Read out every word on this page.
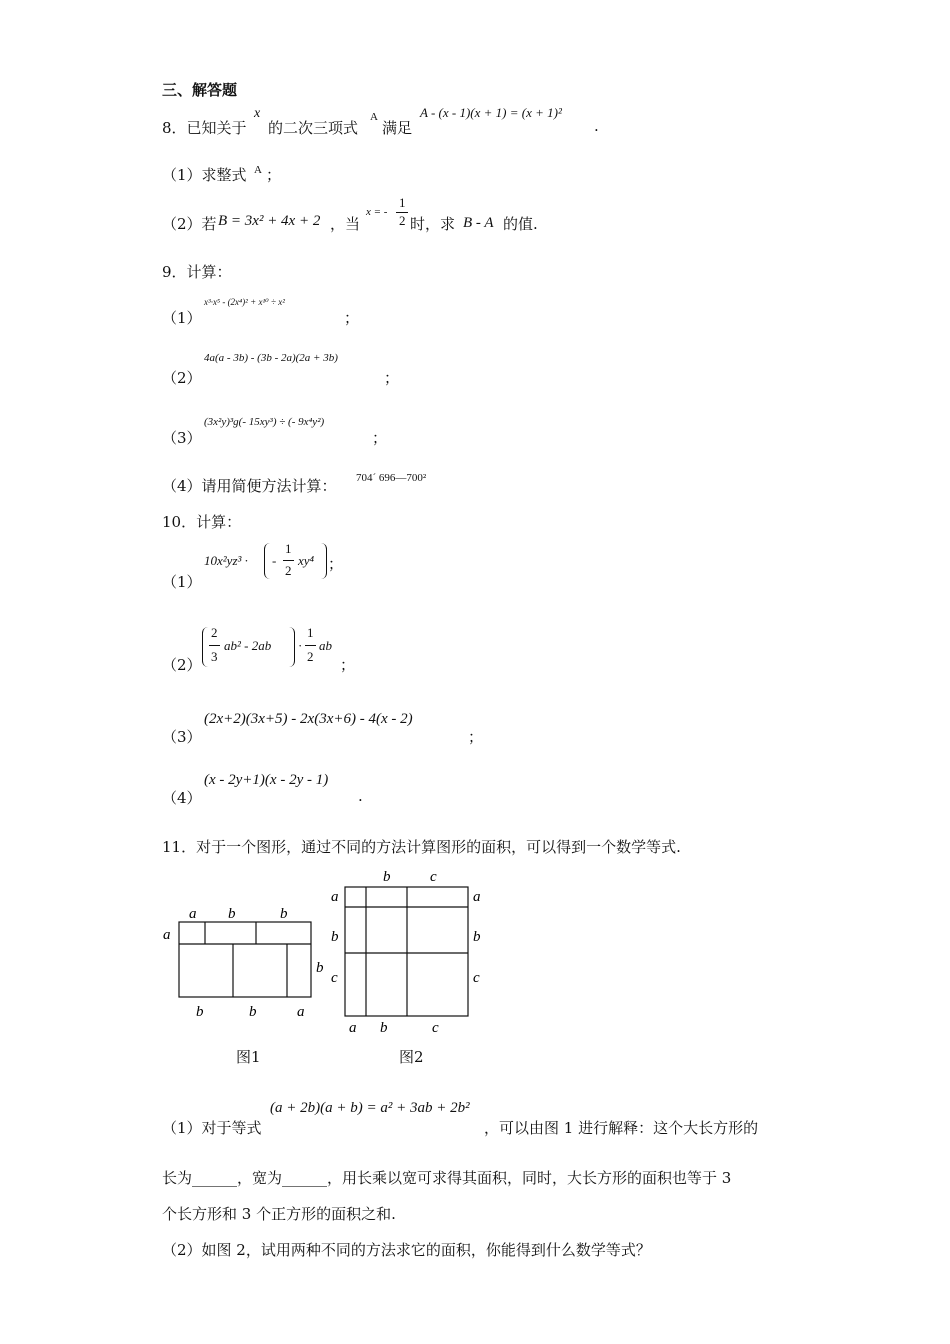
三、解答题
8．已知关于
x
的二次三项式
A
满足
A - (x - 1)(x + 1) = (x + 1)²
.
（1）求整式 A ；
（2）若 B = 3x² + 4x + 2 ，当
x = -
1
2 时，求 B - A 的值.
9．计算：
（1）
x³·x⁵ - (2x⁴)² + x¹⁰ ÷ x²
；
（2）
4a(a - 3b) - (3b - 2a)(2a + 3b)
；
（3）
(3x²y)³g(- 15xy³) ÷ (- 9x⁴y²)
；
（4）请用简便方法计算： 704´ 696—700²
10．计算：
（1）
10x²yz³ · -
1
2
xy⁴ ；
（2）
2
3
ab² - 2ab ·
1
2
ab
；
（3）
(2x+2)(3x+5) - 2x(3x+6) - 4(x - 2)
；
（4）
(x - 2y+1)(x - 2y - 1)
.
11．对于一个图形，通过不同的方法计算图形的面积，可以得到一个数学等式.
a b	b
a
b
b	b	a
图1
b	c
a
b
c
a
b
c
a b	c
图2
（1）对于等式
(a + 2b)(a + b) = a² + 3ab + 2b²
，可以由图 1 进行解释：这个大长方形的
长为______，宽为______，用长乘以宽可求得其面积，同时，大长方形的面积也等于 3
个长方形和 3 个正方形的面积之和.
（2）如图 2，试用两种不同的方法求它的面积，你能得到什么数学等式？
